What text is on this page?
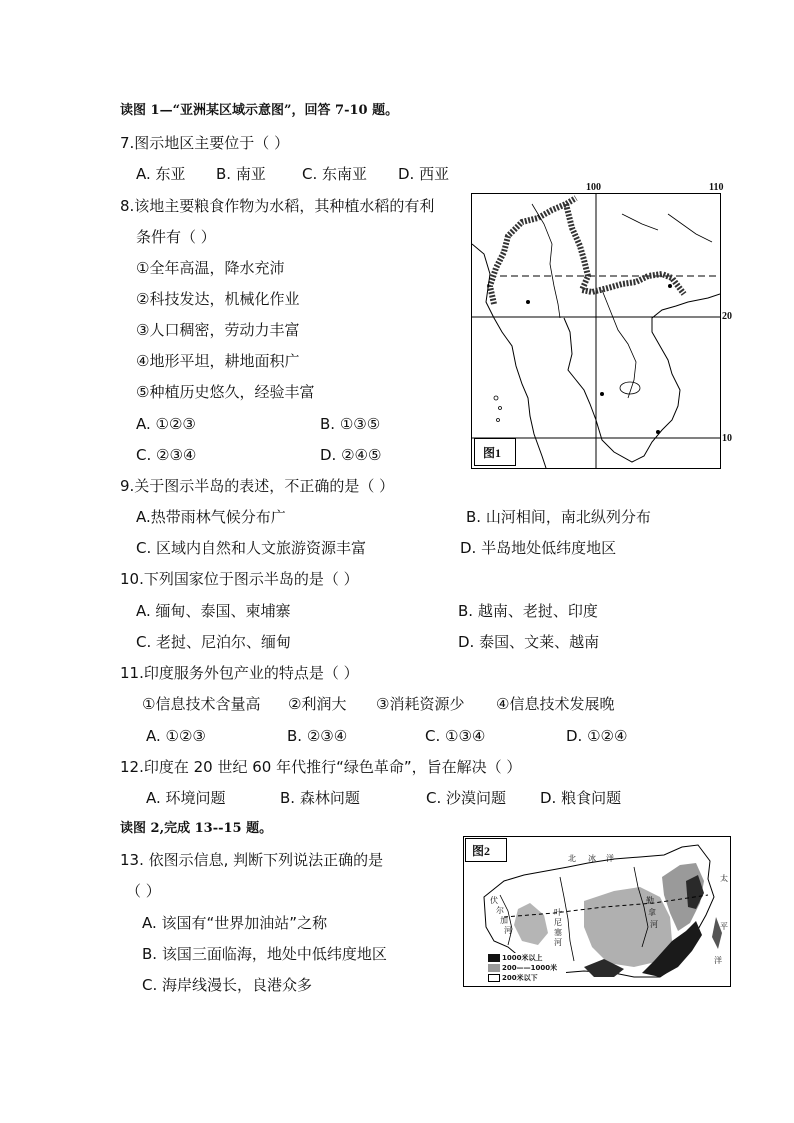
读图 1—“亚洲某区域示意图”，回答 7-10 题。
7.图示地区主要位于（ ）
A. 东亚 B. 南亚 C. 东南亚 D. 西亚
8.该地主要粮食作物为水稻，其种植水稻的有利
条件有（ ）
①全年高温，降水充沛
②科技发达，机械化作业
③人口稠密，劳动力丰富
④地形平坦，耕地面积广
⑤种植历史悠久，经验丰富
A. ①②③	B. ①③⑤
C. ②③④	D. ②④⑤
100	110
20
10
图1
9.关于图示半岛的表述，不正确的是（ ）
A.热带雨林气候分布广	B. 山河相间，南北纵列分布
C. 区域内自然和人文旅游资源丰富	D. 半岛地处低纬度地区
10.下列国家位于图示半岛的是（ ）
A. 缅甸、泰国、柬埔寨	B. 越南、老挝、印度
C. 老挝、尼泊尔、缅甸	D. 泰国、文莱、越南
11.印度服务外包产业的特点是（ ）
①信息技术含量高 ②利润大 ③消耗资源少 ④信息技术发展晚
A. ①②③	B. ②③④	C. ①③④	D. ①②④
12.印度在 20 世纪 60 年代推行“绿色革命”，旨在解决（ ）
A. 环境问题	B. 森林问题	C. 沙漠问题 D. 粮食问题
读图 2,完成 13--15 题。
13. 依图示信息, 判断下列说法正确的是
（ ）
A. 该国有“世界加油站”之称
B. 该国三面临海，地处中低纬度地区
C. 海岸线漫长，良港众多
图2
北 冰 洋
太
平
洋
伏
尔
加
河
叶
尼
塞
河
勒
拿
河
1000米以上
200——1000米
200米以下
